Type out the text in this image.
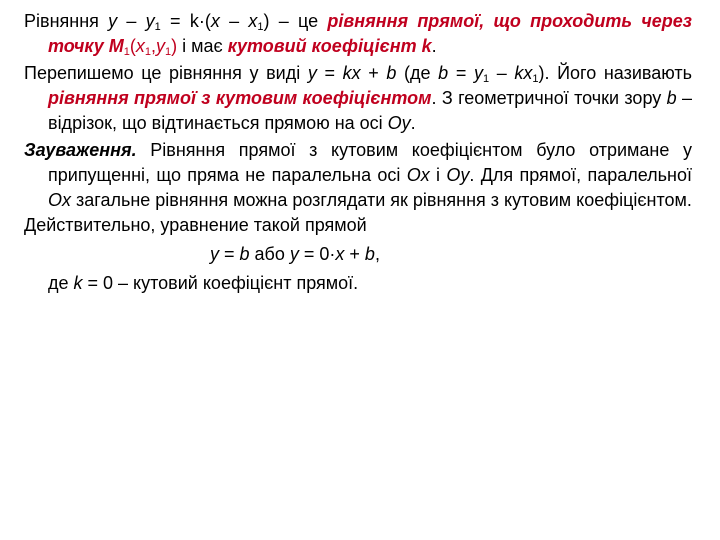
Рівняння $y - y_1 = k\cdot(x - x_1)$ – це рівняння прямої, що проходить через точку $M_1(x_1,y_1)$ і має кутовий коефіцієнт k.

Перепишемо це рівняння у виді y = kx + b (де $b = y_1 - kx_1$). Його називають рівняння прямої з кутовим коефіцієнтом. З геометричної точки зору b – відрізок, що відтинається прямою на осі Oy.

Зауваження. Рівняння прямої з кутовим коефіцієнтом було отримане у припущенні, що пряма не паралельна осі Ox і Oy. Для прямої, паралельної Ox загальне рівняння можна розглядати як рівняння з кутовим коефіцієнтом.
Действительно, уравнение такой прямой

y = b або y = 0·x + b,

де k = 0 – кутовий коефіцієнт прямої.
